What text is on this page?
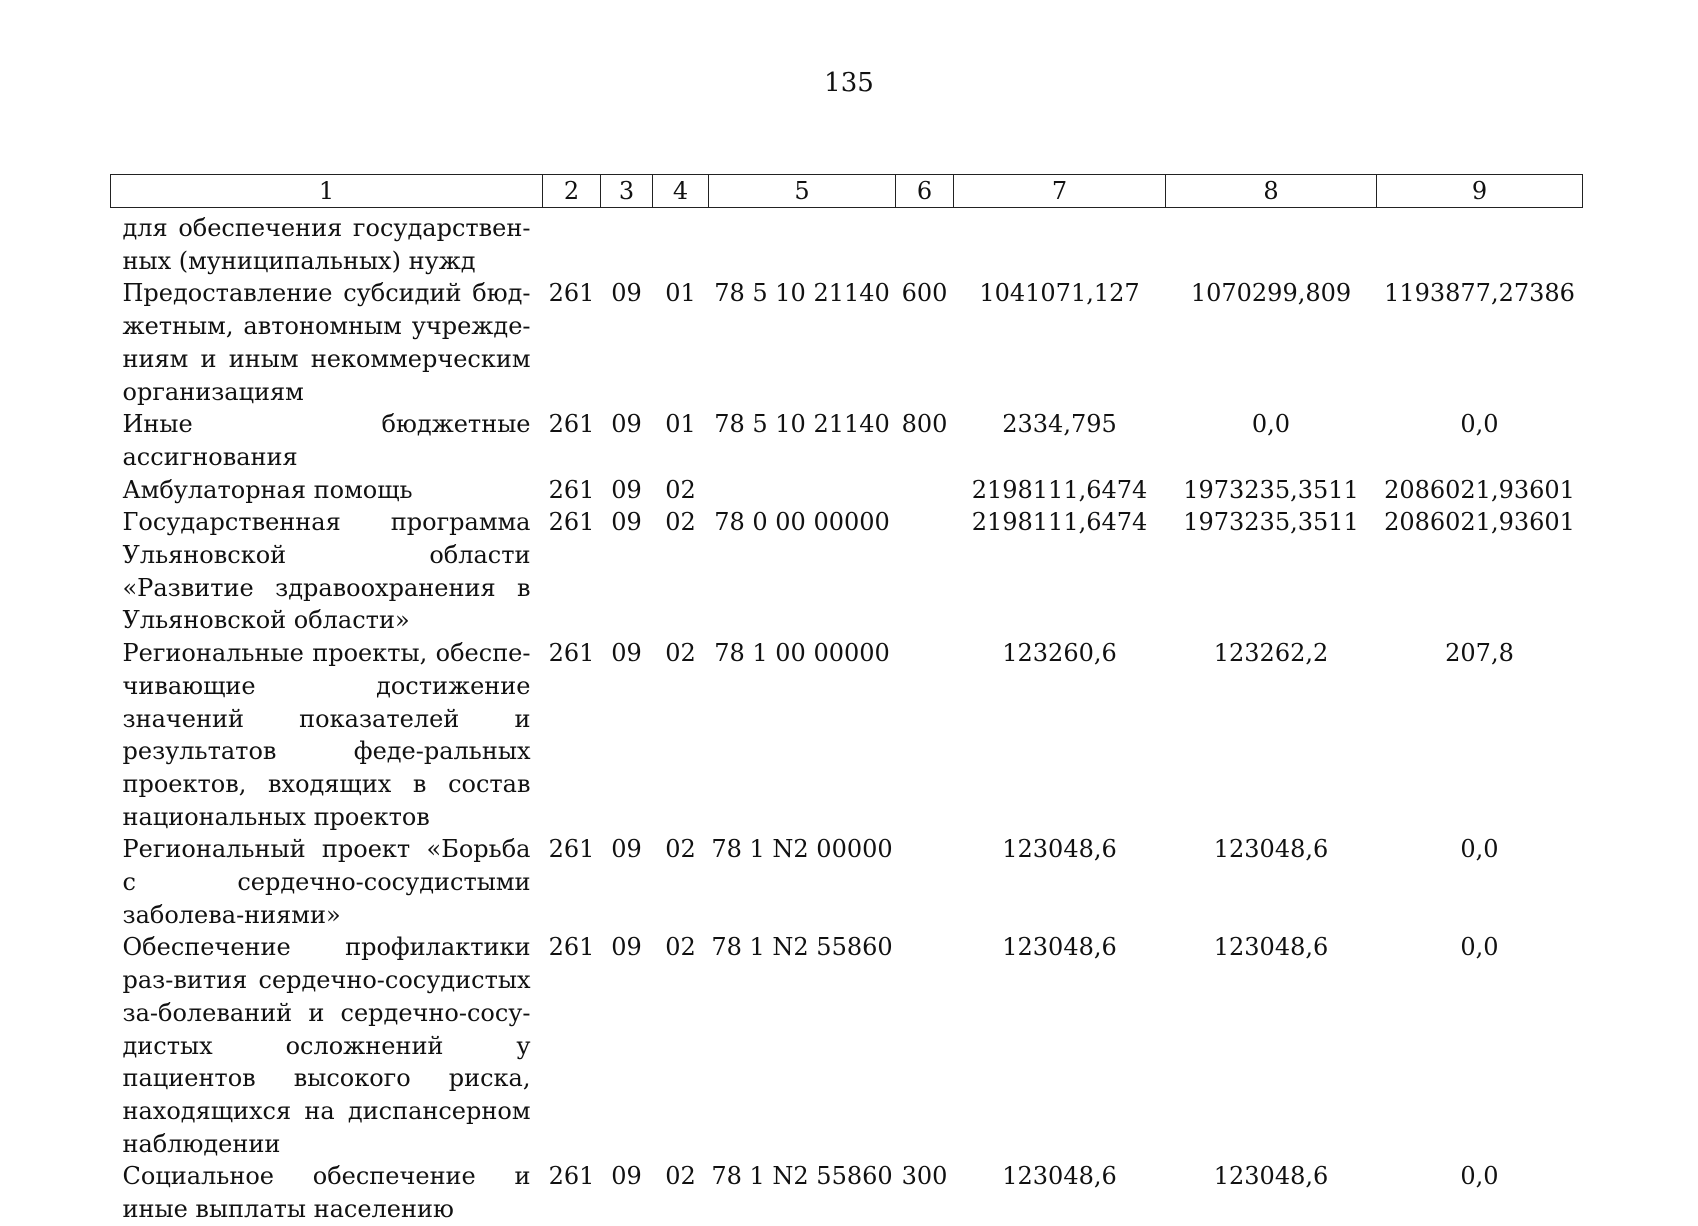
135
1	2	3	4	5	6	7	8	9
для обеспечения государствен-ных (муниципальных) нужд								
Предоставление субсидий бюд-жетным, автономным учрежде-ниям и иным некоммерческим организациям	261	09	01	78 5 10 21140	600	1041071,127	1070299,809	1193877,27386
Иные бюджетные ассигнования	261	09	01	78 5 10 21140	800	2334,795	0,0	0,0
Амбулаторная помощь	261	09	02			2198111,6474	1973235,3511	2086021,93601
Государственная программа Ульяновской области «Развитие здравоохранения в Ульяновской области»	261	09	02	78 0 00 00000		2198111,6474	1973235,3511	2086021,93601
Региональные проекты, обеспе-чивающие достижение значений показателей и результатов феде-ральных проектов, входящих в состав национальных проектов	261	09	02	78 1 00 00000		123260,6	123262,2	207,8
Региональный проект «Борьба с сердечно-сосудистыми заболева-ниями»	261	09	02	78 1 N2 00000		123048,6	123048,6	0,0
Обеспечение профилактики раз-вития сердечно-сосудистых за-болеваний и сердечно-сосу-дистых осложнений у пациентов высокого риска, находящихся на диспансерном наблюдении	261	09	02	78 1 N2 55860		123048,6	123048,6	0,0
Социальное обеспечение и иные выплаты населению	261	09	02	78 1 N2 55860	300	123048,6	123048,6	0,0
